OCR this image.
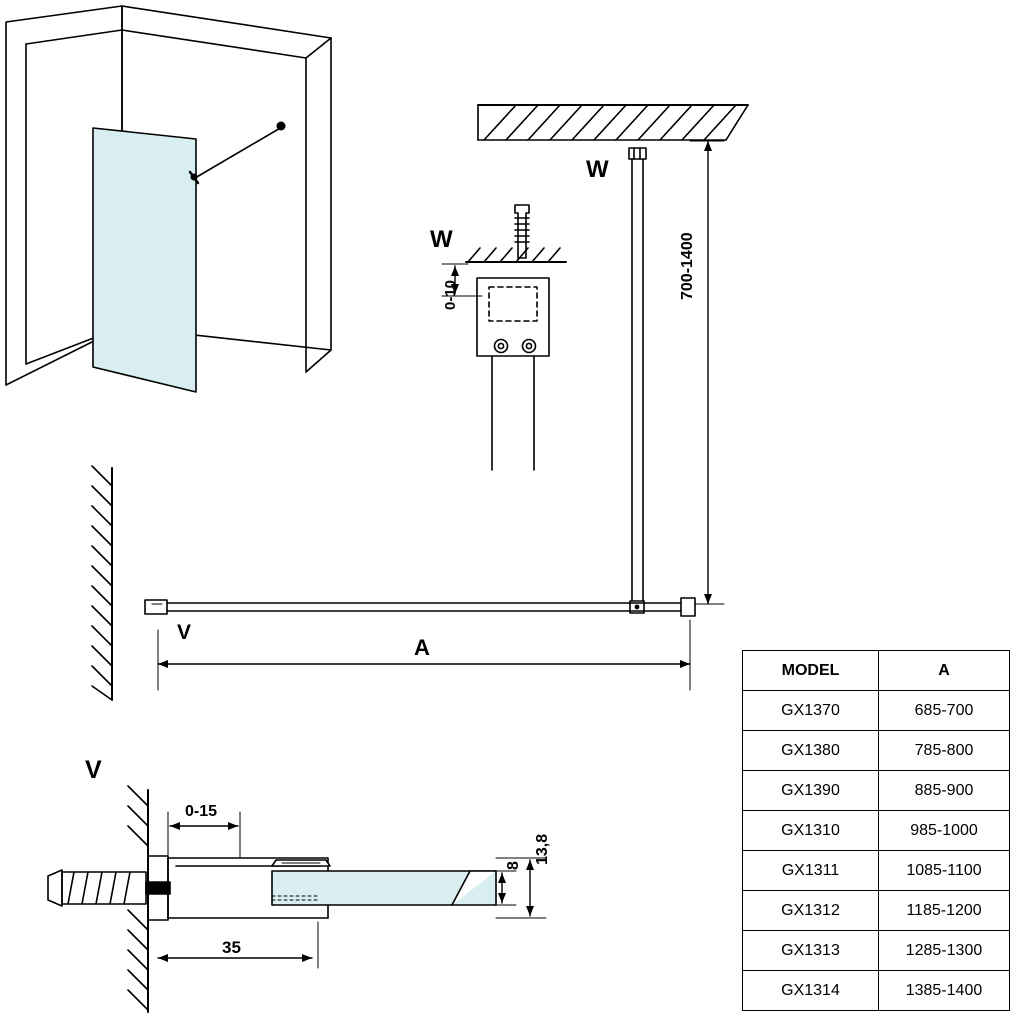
W
W
V
V
A
700-1400
0-10
0-15
35
8
13,8
MODEL	A
GX1370	685-700
GX1380	785-800
GX1390	885-900
GX1310	985-1000
GX1311	1085-1100
GX1312	1185-1200
GX1313	1285-1300
GX1314	1385-1400
